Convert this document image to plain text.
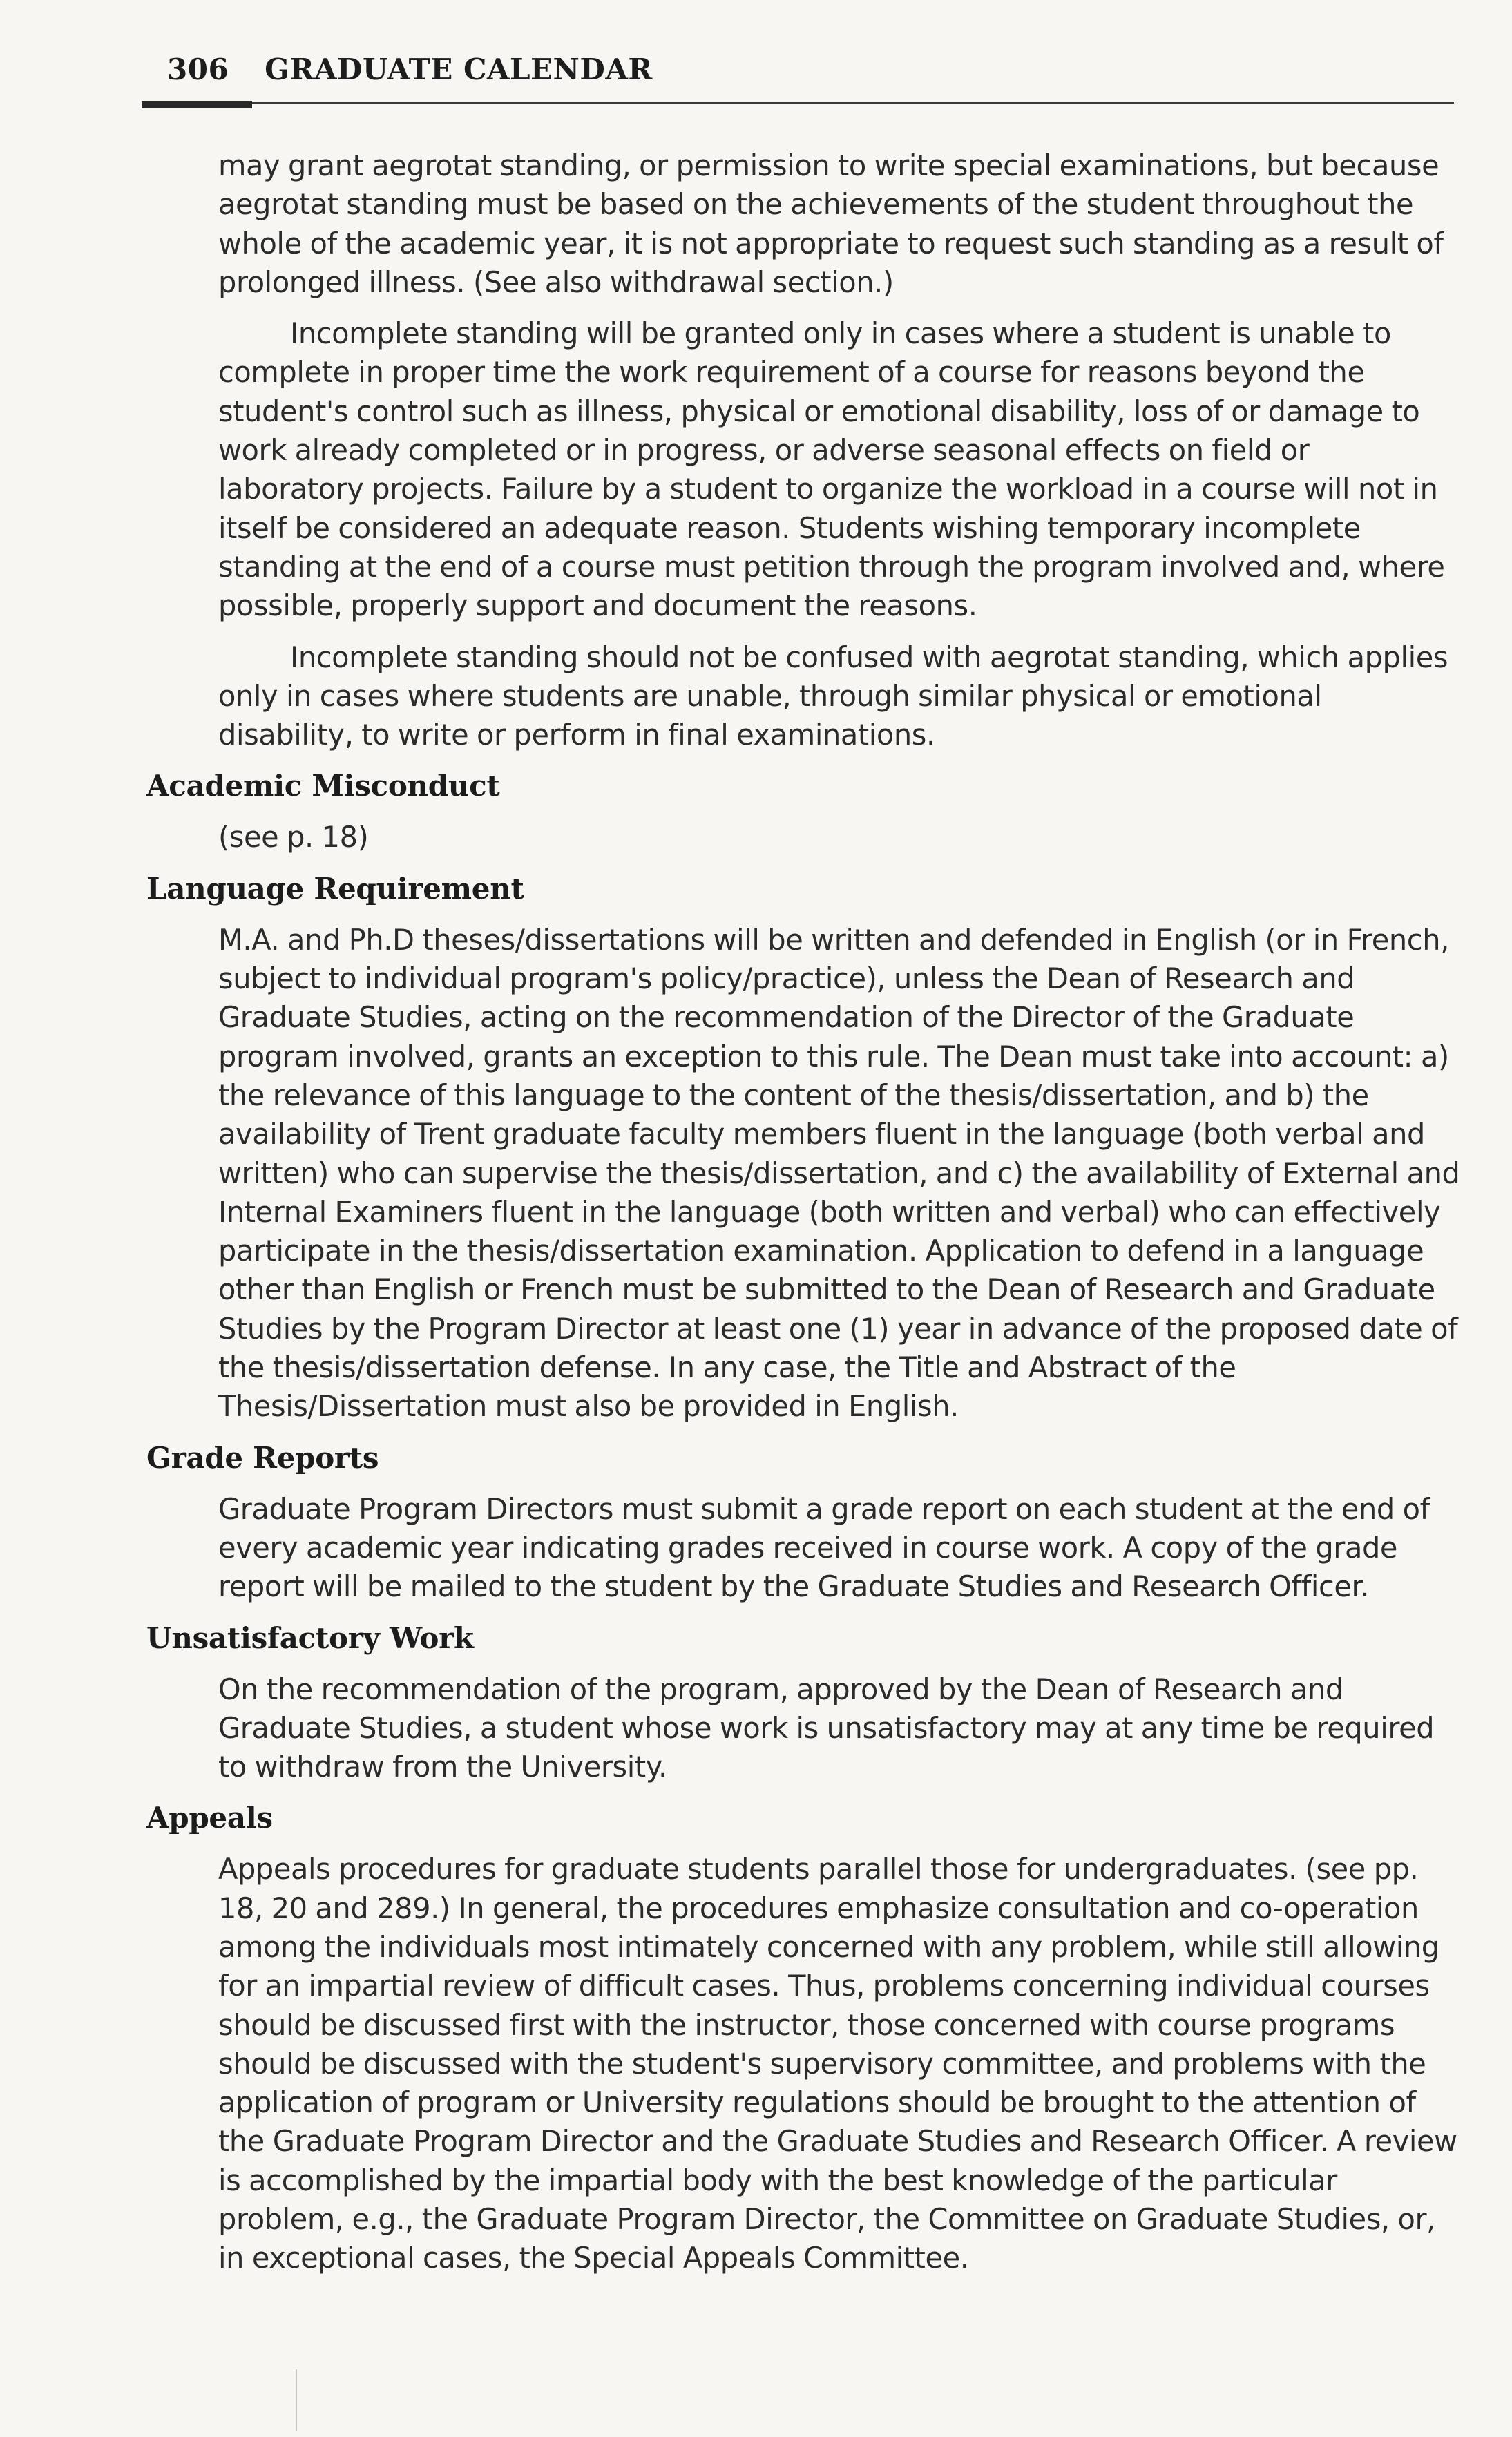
306 GRADUATE CALENDAR

may grant aegrotat standing, or permission to write special examinations, but because aegrotat standing must be based on the achievements of the student throughout the whole of the academic year, it is not appropriate to request such standing as a result of prolonged illness. (See also withdrawal section.)

Incomplete standing will be granted only in cases where a student is unable to complete in proper time the work requirement of a course for reasons beyond the student's control such as illness, physical or emotional disability, loss of or damage to work already completed or in progress, or adverse seasonal effects on field or laboratory projects. Failure by a student to organize the workload in a course will not in itself be considered an adequate reason. Students wishing temporary incomplete standing at the end of a course must petition through the program involved and, where possible, properly support and document the reasons.

Incomplete standing should not be confused with aegrotat standing, which applies only in cases where students are unable, through similar physical or emotional disability, to write or perform in final examinations.

Academic Misconduct

(see p. 18)

Language Requirement

M.A. and Ph.D theses/dissertations will be written and defended in English (or in French, subject to individual program's policy/practice), unless the Dean of Research and Graduate Studies, acting on the recommendation of the Director of the Graduate program involved, grants an exception to this rule. The Dean must take into account: a) the relevance of this language to the content of the thesis/dissertation, and b) the availability of Trent graduate faculty members fluent in the language (both verbal and written) who can supervise the thesis/dissertation, and c) the availability of External and Internal Examiners fluent in the language (both written and verbal) who can effectively participate in the thesis/dissertation examination. Application to defend in a language other than English or French must be submitted to the Dean of Research and Graduate Studies by the Program Director at least one (1) year in advance of the proposed date of the thesis/dissertation defense. In any case, the Title and Abstract of the Thesis/Dissertation must also be provided in English.

Grade Reports

Graduate Program Directors must submit a grade report on each student at the end of every academic year indicating grades received in course work. A copy of the grade report will be mailed to the student by the Graduate Studies and Research Officer.

Unsatisfactory Work

On the recommendation of the program, approved by the Dean of Research and Graduate Studies, a student whose work is unsatisfactory may at any time be required to withdraw from the University.

Appeals

Appeals procedures for graduate students parallel those for undergraduates. (see pp. 18, 20 and 289.) In general, the procedures emphasize consultation and co-operation among the individuals most intimately concerned with any problem, while still allowing for an impartial review of difficult cases. Thus, problems concerning individual courses should be discussed first with the instructor, those concerned with course programs should be discussed with the student's supervisory committee, and problems with the application of program or University regulations should be brought to the attention of the Graduate Program Director and the Graduate Studies and Research Officer. A review is accomplished by the impartial body with the best knowledge of the particular problem, e.g., the Graduate Program Director, the Committee on Graduate Studies, or, in exceptional cases, the Special Appeals Committee.
